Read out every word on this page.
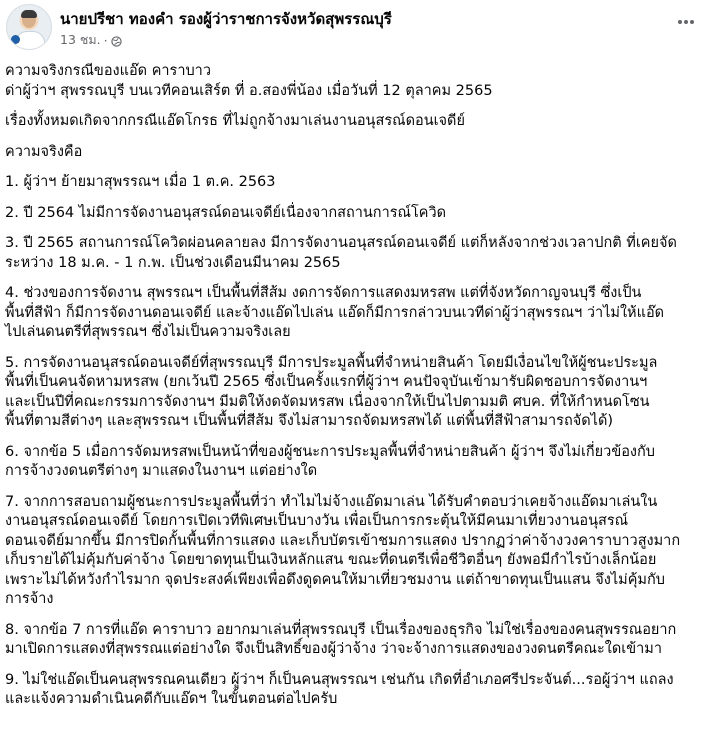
นายปรีชา ทองคำ รองผู้ว่าราชการจังหวัดสุพรรณบุรี
13 ชม. ·

ความจริงกรณีของแอ๊ด คาราบาว
ด่าผู้ว่าฯ สุพรรณบุรี บนเวทีคอนเสิร์ต ที่ อ.สองพี่น้อง เมื่อวันที่ 12 ตุลาคม 2565

เรื่องทั้งหมดเกิดจากกรณีแอ๊ดโกรธ ที่ไม่ถูกจ้างมาเล่นงานอนุสรณ์ดอนเจดีย์

ความจริงคือ

1. ผู้ว่าฯ ย้ายมาสุพรรณฯ เมื่อ 1 ต.ค. 2563

2. ปี 2564 ไม่มีการจัดงานอนุสรณ์ดอนเจดีย์เนื่องจากสถานการณ์โควิด

3. ปี 2565 สถานการณ์โควิดผ่อนคลายลง มีการจัดงานอนุสรณ์ดอนเจดีย์ แต่ก็หลังจากช่วงเวลาปกติ ที่เคยจัด
ระหว่าง 18 ม.ค. - 1 ก.พ. เป็นช่วงเดือนมีนาคม 2565

4. ช่วงของการจัดงาน สุพรรณฯ เป็นพื้นที่สีส้ม งดการจัดการแสดงมหรสพ แต่ที่จังหวัดกาญจนบุรี ซึ่งเป็น
พื้นที่สีฟ้า ก็มีการจัดงานดอนเจดีย์ และจ้างแอ๊ดไปเล่น แอ๊ดก็มีการกล่าวบนเวทีด่าผู้ว่าสุพรรณฯ ว่าไม่ให้แอ๊ด
ไปเล่นดนตรีที่สุพรรณฯ ซึ่งไม่เป็นความจริงเลย

5. การจัดงานอนุสรณ์ดอนเจดีย์ที่สุพรรณบุรี มีการประมูลพื้นที่จำหน่ายสินค้า โดยมีเงื่อนไขให้ผู้ชนะประมูล
พื้นที่เป็นคนจัดหามหรสพ (ยกเว้นปี 2565 ซึ่งเป็นครั้งแรกที่ผู้ว่าฯ คนปัจจุบันเข้ามารับผิดชอบการจัดงานฯ
และเป็นปีที่คณะกรรมการจัดงานฯ มีมติให้งดจัดมหรสพ เนื่องจากให้เป็นไปตามมติ ศบค. ที่ให้กำหนดโซน
พื้นที่ตามสีต่างๆ และสุพรรณฯ เป็นพื้นที่สีส้ม จึงไม่สามารถจัดมหรสพได้ แต่พื้นที่สีฟ้าสามารถจัดได้)

6. จากข้อ 5 เมื่อการจัดมหรสพเป็นหน้าที่ของผู้ชนะการประมูลพื้นที่จำหน่ายสินค้า ผู้ว่าฯ จึงไม่เกี่ยวข้องกับ
การจ้างวงดนตรีต่างๆ มาแสดงในงานฯ แต่อย่างใด

7. จากการสอบถามผู้ชนะการประมูลพื้นที่ว่า ทำไมไม่จ้างแอ๊ดมาเล่น ได้รับคำตอบว่าเคยจ้างแอ๊ดมาเล่นใน
งานอนุสรณ์ดอนเจดีย์ โดยการเปิดเวทีพิเศษเป็นบางวัน เพื่อเป็นการกระตุ้นให้มีคนมาเที่ยวงานอนุสรณ์
ดอนเจดีย์มากขึ้น มีการปิดกั้นพื้นที่การแสดง และเก็บบัตรเข้าชมการแสดง ปรากฏว่าค่าจ้างวงคาราบาวสูงมาก
เก็บรายได้ไม่คุ้มกับค่าจ้าง โดยขาดทุนเป็นเงินหลักแสน ขณะที่ดนตรีเพื่อชีวิตอื่นๆ ยังพอมีกำไรบ้างเล็กน้อย
เพราะไม่ได้หวังกำไรมาก จุดประสงค์เพียงเพื่อดึงดูดคนให้มาเที่ยวชมงาน แต่ถ้าขาดทุนเป็นแสน จึงไม่คุ้มกับ
การจ้าง

8. จากข้อ 7 การที่แอ๊ด คาราบาว อยากมาเล่นที่สุพรรณบุรี เป็นเรื่องของธุรกิจ ไม่ใช่เรื่องของคนสุพรรณอยาก
มาเปิดการแสดงที่สุพรรณแต่อย่างใด จึงเป็นสิทธิ์ของผู้ว่าจ้าง ว่าจะจ้างการแสดงของวงดนตรีคณะใดเข้ามา

9. ไม่ใช่แอ๊ดเป็นคนสุพรรณคนเดียว ผู้ว่าฯ ก็เป็นคนสุพรรณฯ เช่นกัน เกิดที่อำเภอศรีประจันต์...รอผู้ว่าฯ แถลง
และแจ้งความดำเนินคดีกับแอ๊ดฯ ในขั้นตอนต่อไปครับ
